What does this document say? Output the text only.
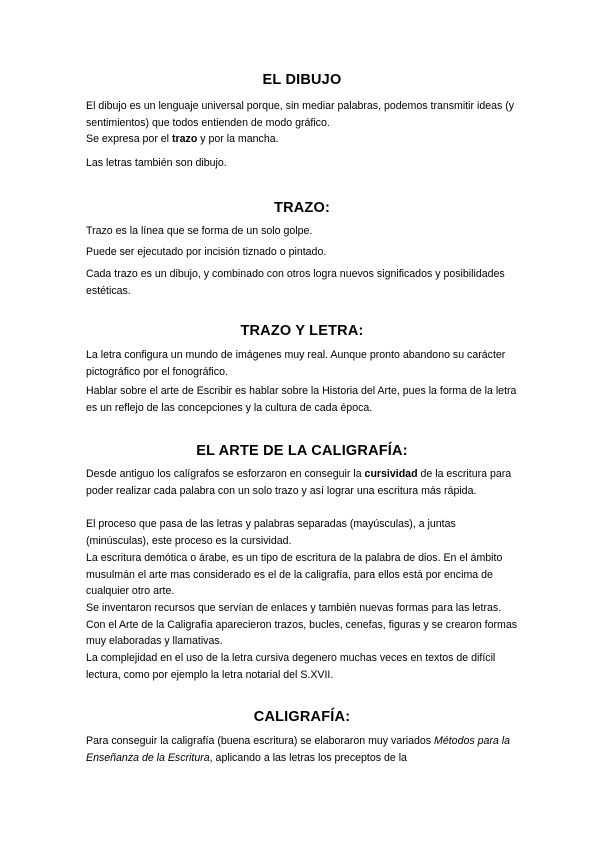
EL DIBUJO

El dibujo es un lenguaje universal porque, sin mediar palabras, podemos transmitir ideas (y sentimientos) que todos entienden de modo gráfico.

Se expresa por el trazo y por la mancha.

Las letras también son dibujo.

TRAZO:

Trazo es la línea que se forma de un solo golpe.

Puede ser ejecutado por incisión tiznado o pintado.

Cada trazo es un dibujo, y combinado con otros logra nuevos significados y posibilidades estéticas.

TRAZO Y LETRA:

La letra configura un mundo de imágenes muy real. Aunque pronto abandono su carácter pictográfico por el fonográfico.

Hablar sobre el arte de Escribir es hablar sobre la Historia del Arte, pues la forma de la letra es un reflejo de las concepciones y la cultura de cada época.

EL ARTE DE LA CALIGRAFÍA:

Desde antiguo los calígrafos se esforzaron en conseguir la cursividad de la escritura para poder realizar cada palabra con un solo trazo y así lograr una escritura más rápida.

El proceso que pasa de las letras y palabras separadas (mayúsculas), a juntas (minúsculas), este proceso es la cursividad.

La escritura demótica o árabe, es un tipo de escritura de la palabra de dios. En el ámbito musulmán el arte mas considerado es el de la caligrafía, para ellos está por encima de cualquier otro arte.

Se inventaron recursos que servían de enlaces y también nuevas formas para las letras. Con el Arte de la Caligrafía aparecieron trazos, bucles, cenefas, figuras y se crearon formas muy elaboradas y llamativas.

La complejidad en el uso de la letra cursiva degenero muchas veces en textos de difícil lectura, como por ejemplo la letra notarial del S.XVII.

CALIGRAFÍA:

Para conseguir la caligrafía (buena escritura) se elaboraron muy variados Métodos para la Enseñanza de la Escritura, aplicando a las letras los preceptos de la
